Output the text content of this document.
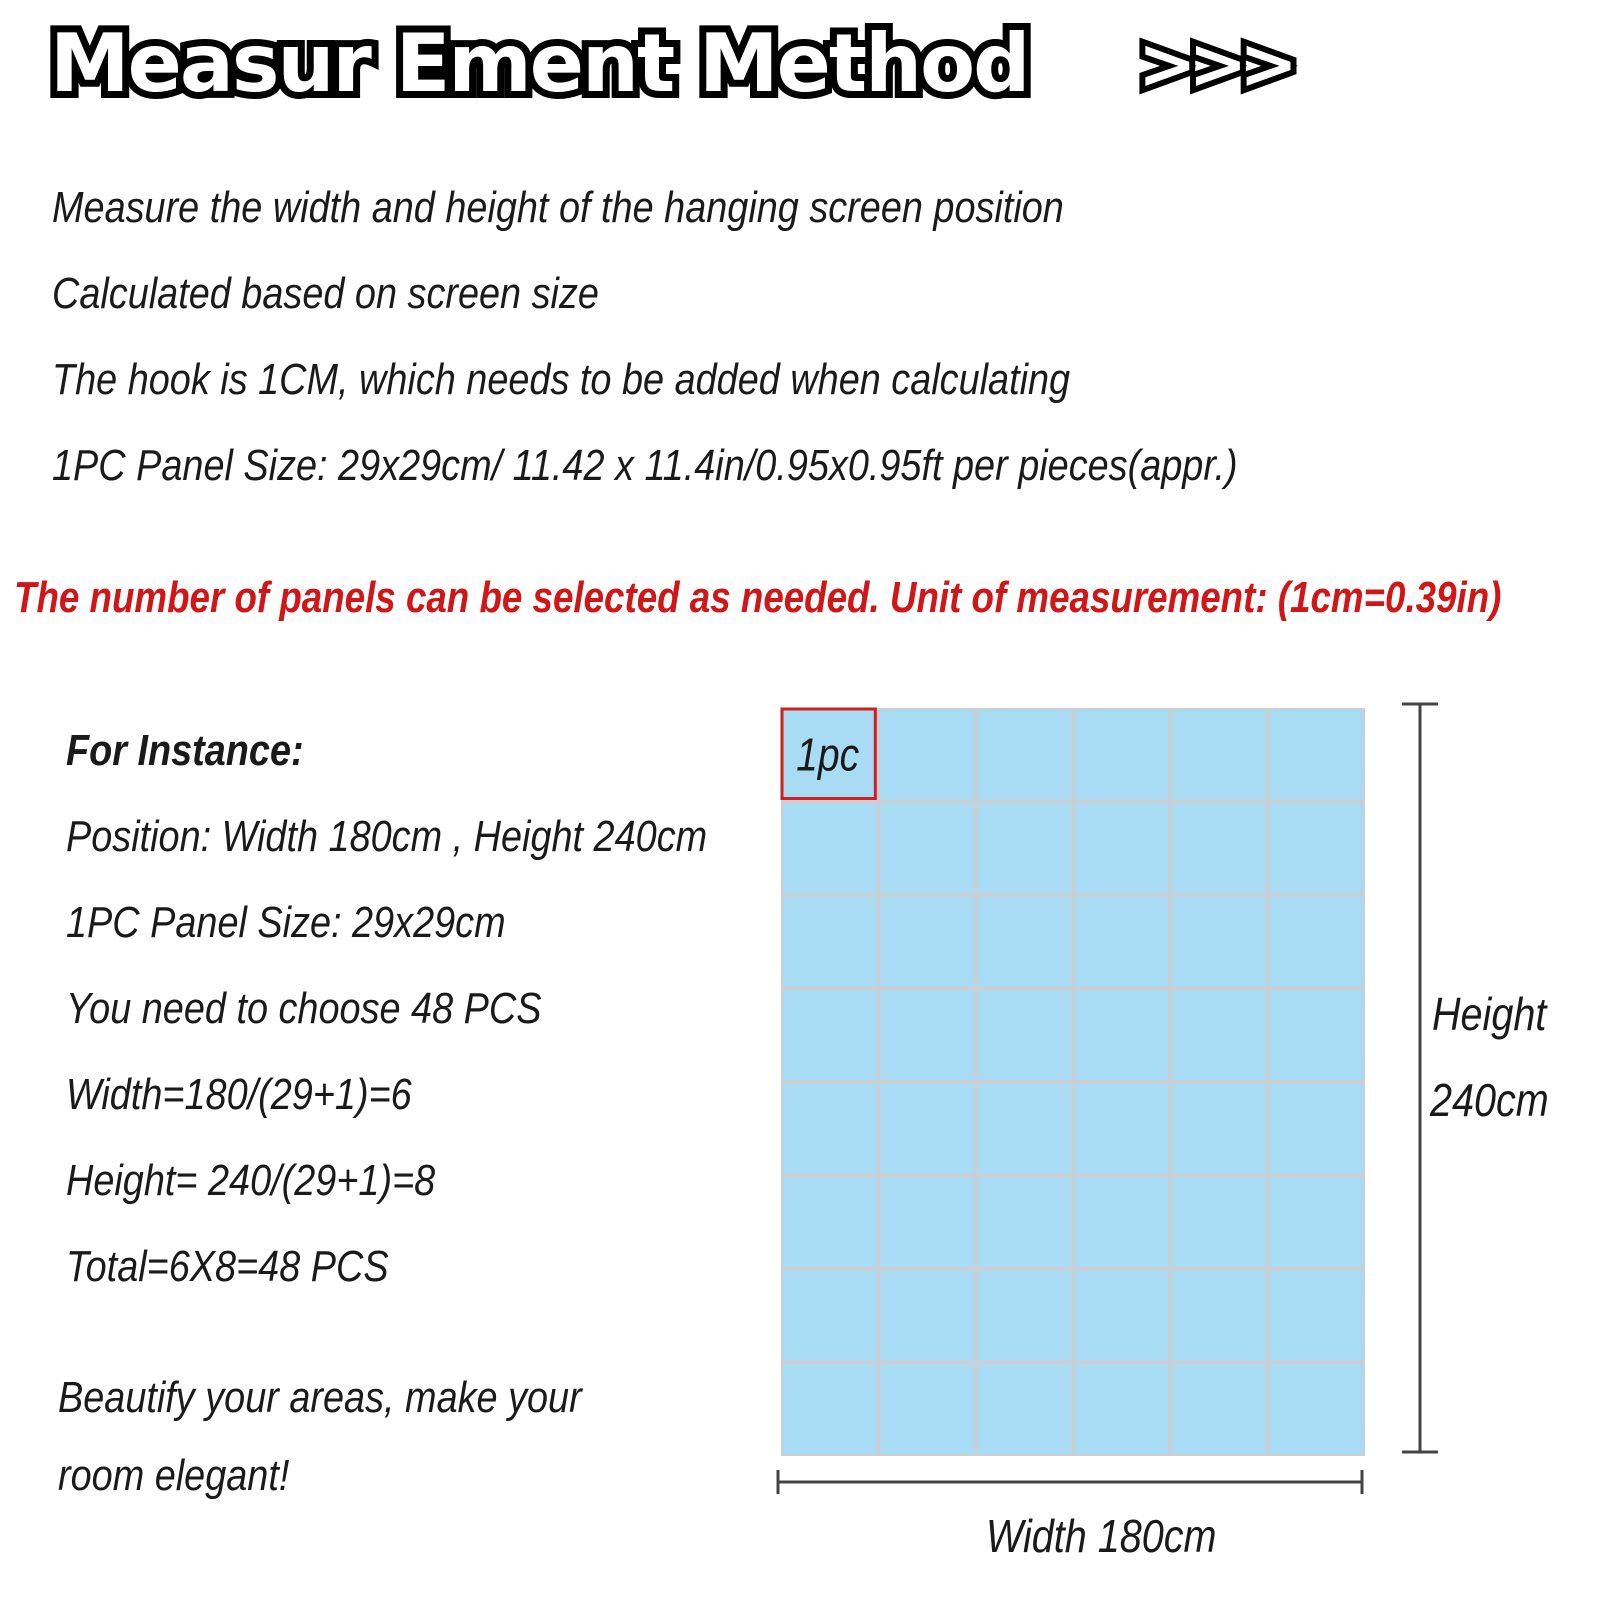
Measur Ement Method >>>

Measure the width and height of the hanging screen position

Calculated based on screen size

The hook is 1CM, which needs to be added when calculating

1PC Panel Size: 29x29cm/ 11.42 x 11.4in/0.95x0.95ft per pieces(appr.)

The number of panels can be selected as needed. Unit of measurement: (1cm=0.39in)

For Instance:

Position: Width 180cm , Height 240cm

1PC Panel Size: 29x29cm

You need to choose 48 PCS

Width=180/(29+1)=6

Height= 240/(29+1)=8

Total=6X8=48 PCS

Beautify your areas, make your

room elegant!

1pc
Height
240cm
Width 180cm
